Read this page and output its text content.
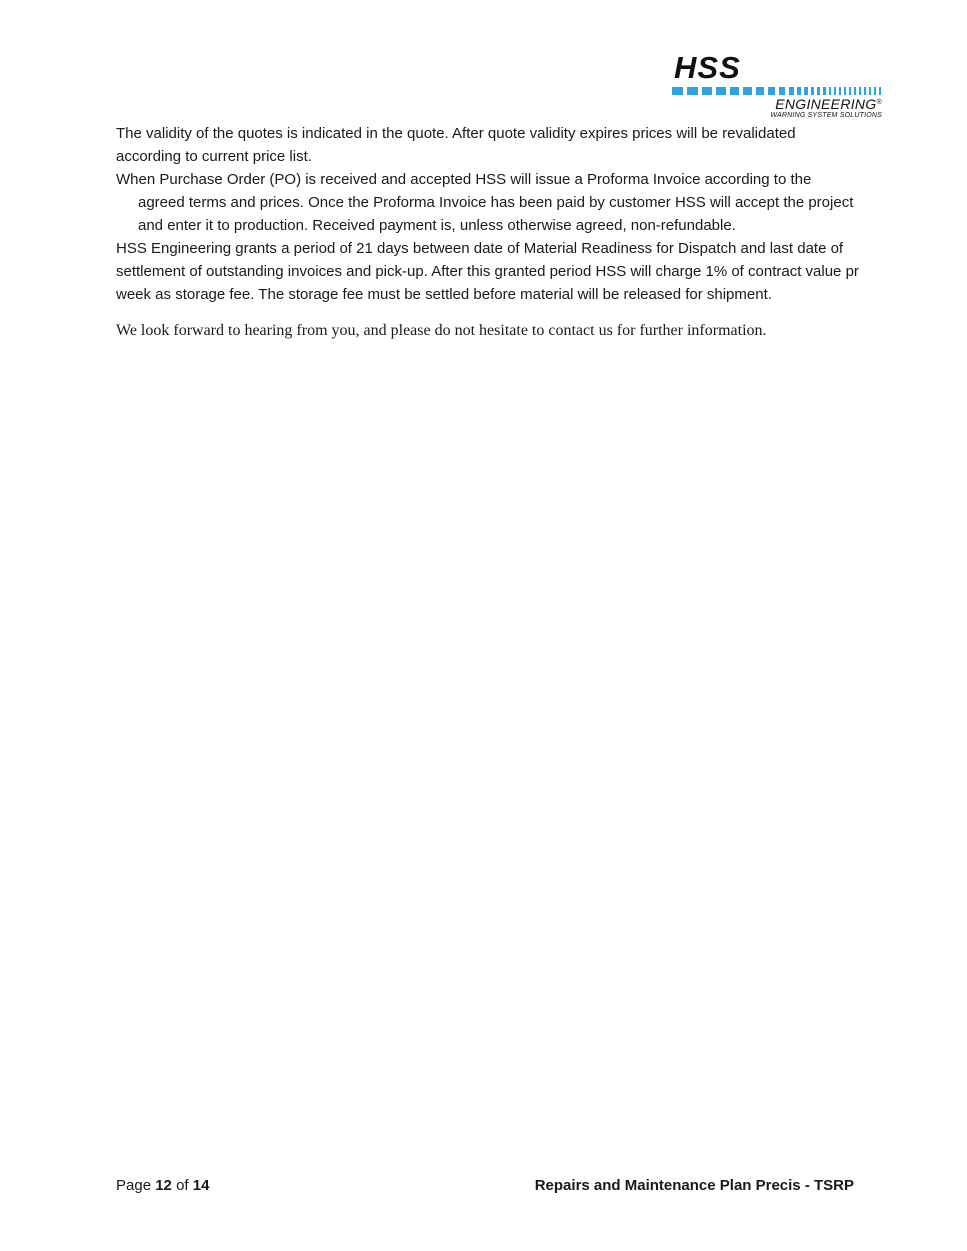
HSS
ENGINEERING®
WARNING SYSTEM SOLUTIONS

The validity of the quotes is indicated in the quote. After quote validity expires prices will be revalidated according to current price list.

When Purchase Order (PO) is received and accepted HSS will issue a Proforma Invoice according to the agreed terms and prices. Once the Proforma Invoice has been paid by customer HSS will accept the project and enter it to production. Received payment is, unless otherwise agreed, non-refundable.

HSS Engineering grants a period of 21 days between date of Material Readiness for Dispatch and last date of settlement of outstanding invoices and pick-up. After this granted period HSS will charge 1% of contract value pr week as storage fee. The storage fee must be settled before material will be released for shipment.

We look forward to hearing from you, and please do not hesitate to contact us for further information.

Page 12 of 14	Repairs and Maintenance Plan Precis - TSRP
